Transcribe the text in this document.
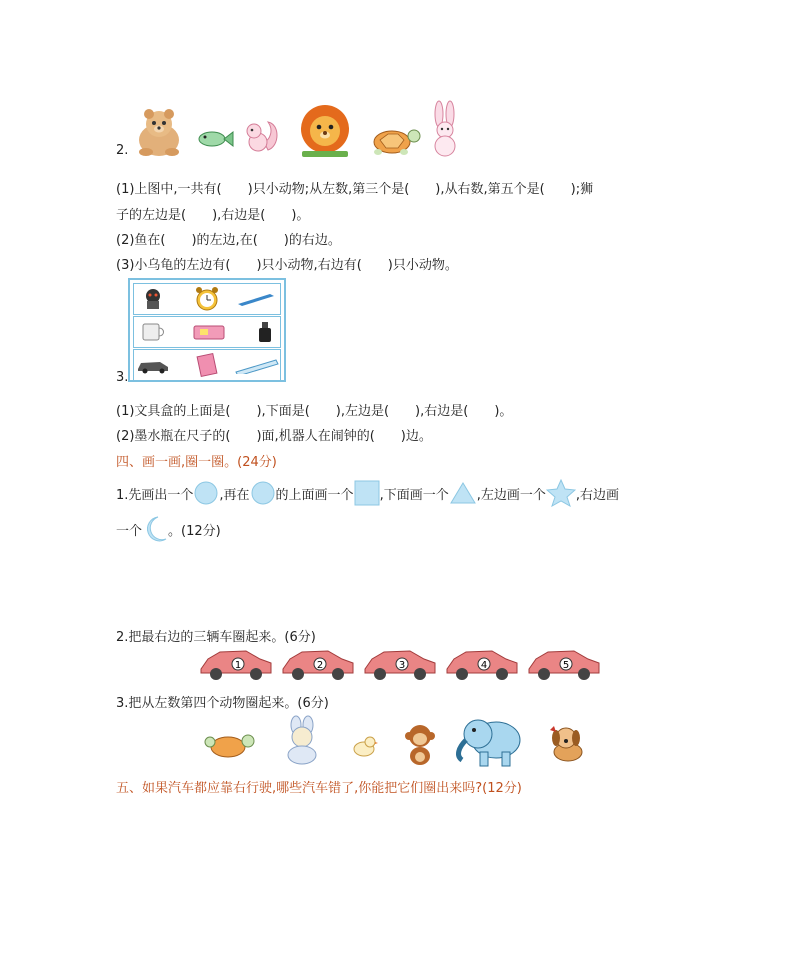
2.
(1)上图中,一共有(　　)只小动物;从左数,第三个是(　　),从右数,第五个是(　　);狮
子的左边是(　　),右边是(　　)。
(2)鱼在(　　)的左边,在(　　)的右边。
(3)小乌龟的左边有(　　)只小动物,右边有(　　)只小动物。
3.
(1)文具盒的上面是(　　),下面是(　　),左边是(　　),右边是(　　)。
(2)墨水瓶在尺子的(　　)面,机器人在闹钟的(　　)边。
四、画一画,圈一圈。(24分)
1.先画出一个 ,再在 的上面画一个 ,下面画一个 ,左边画一个 ,右边画
一个 。(12分)
2.把最右边的三辆车圈起来。(6分)
1	2	3	4	5
3.把从左数第四个动物圈起来。(6分)
五、如果汽车都应靠右行驶,哪些汽车错了,你能把它们圈出来吗?(12分)
